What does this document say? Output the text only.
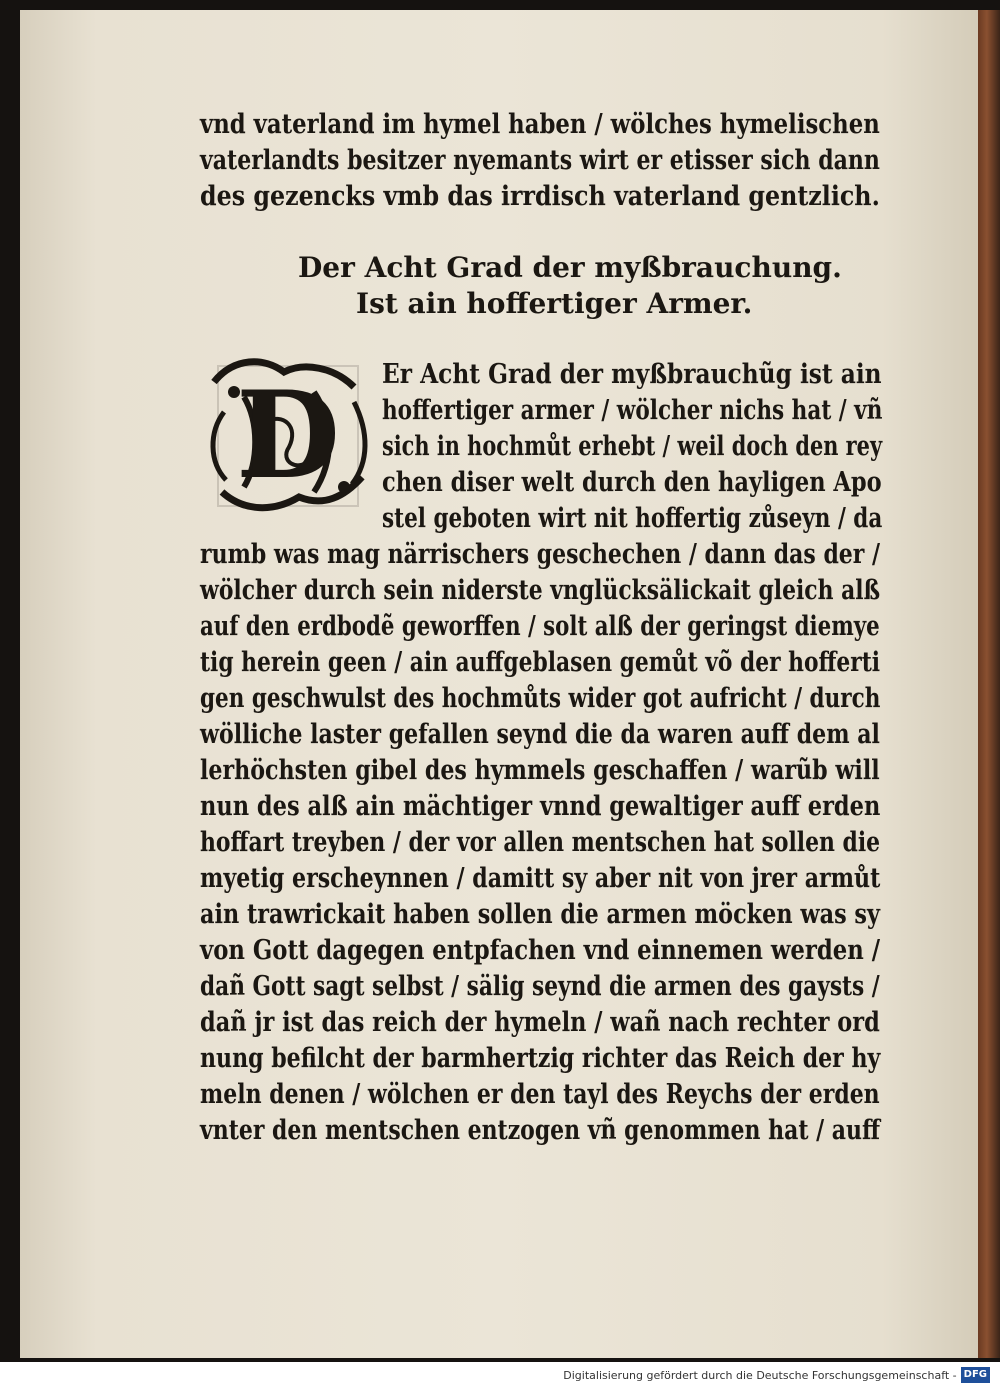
vnd vaterland im hymel haben / wölches hymelischen
vaterlandts besitzer nyemants wirt er etisser sich dann
des gezencks vmb das irrdisch vaterland gentzlich.
Der Acht Grad der myßbrauchung.
Ist ain hoffertiger Armer.
D	Er Acht Grad der myßbrauchũg ist ain
hoffertiger armer / wölcher nichs hat / vñ
sich in hochmůt erhebt / weil doch den rey
chen diser welt durch den hayligen Apo
stel geboten wirt nit hoffertig zůseyn / da
rumb was mag närrischers geschechen / dann das der /
wölcher durch sein niderste vnglücksälickait gleich alß
auf den erdbodẽ geworffen / solt alß der geringst diemye
tig herein geen / ain auffgeblasen gemůt võ der hofferti
gen geschwulst des hochmůts wider got aufricht / durch
wölliche laster gefallen seynd die da waren auff dem al
lerhöchsten gibel des hymmels geschaffen / warũb will
nun des alß ain mächtiger vnnd gewaltiger auff erden
hoffart treyben / der vor allen mentschen hat sollen die
myetig erscheynnen / damitt sy aber nit von jrer armůt
ain trawrickait haben sollen die armen möcken was sy
von Gott dagegen entpfachen vnd einnemen werden /
dañ Gott sagt selbst / sälig seynd die armen des gaysts /
dañ jr ist das reich der hymeln / wañ nach rechter ord
nung befilcht der barmhertzig richter das Reich der hy
meln denen / wölchen er den tayl des Reychs der erden
vnter den mentschen entzogen vñ genommen hat / auff
Digitalisierung gefördert durch die Deutsche Forschungsgemeinschaft - DFG
